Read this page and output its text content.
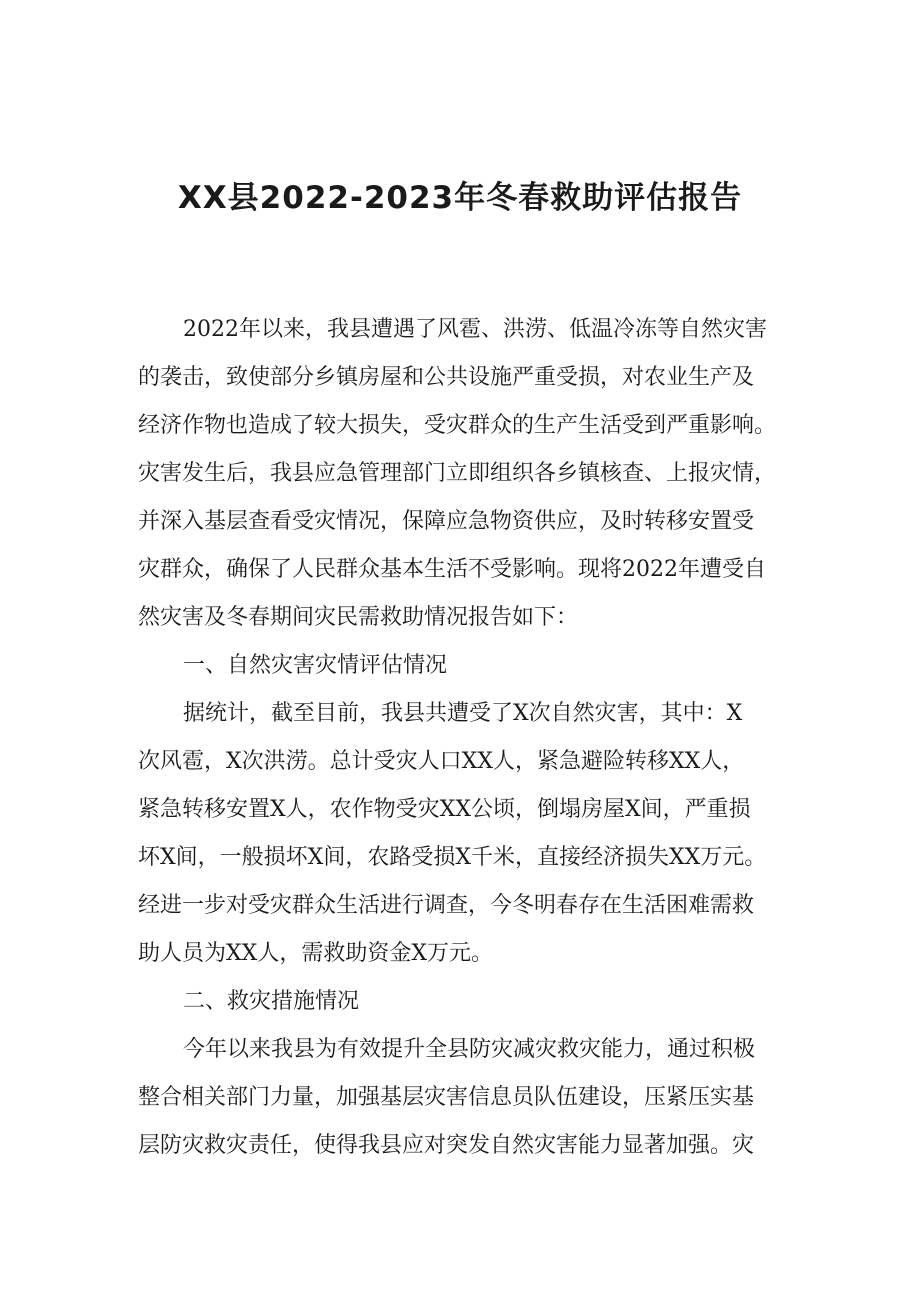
XX县2022-2023年冬春救助评估报告

2022年以来，我县遭遇了风雹、洪涝、低温冷冻等自然灾害

的袭击，致使部分乡镇房屋和公共设施严重受损，对农业生产及

经济作物也造成了较大损失，受灾群众的生产生活受到严重影响。

灾害发生后，我县应急管理部门立即组织各乡镇核查、上报灾情，

并深入基层查看受灾情况，保障应急物资供应，及时转移安置受

灾群众，确保了人民群众基本生活不受影响。现将2022年遭受自

然灾害及冬春期间灾民需救助情况报告如下：

一、自然灾害灾情评估情况

据统计，截至目前，我县共遭受了X次自然灾害，其中：X

次风雹，X次洪涝。总计受灾人口XX人，紧急避险转移XX人，

紧急转移安置X人，农作物受灾XX公顷，倒塌房屋X间，严重损

坏X间，一般损坏X间，农路受损X千米，直接经济损失XX万元。

经进一步对受灾群众生活进行调查，今冬明春存在生活困难需救

助人员为XX人，需救助资金X万元。

二、救灾措施情况

今年以来我县为有效提升全县防灾减灾救灾能力，通过积极

整合相关部门力量，加强基层灾害信息员队伍建设，压紧压实基

层防灾救灾责任，使得我县应对突发自然灾害能力显著加强。灾
